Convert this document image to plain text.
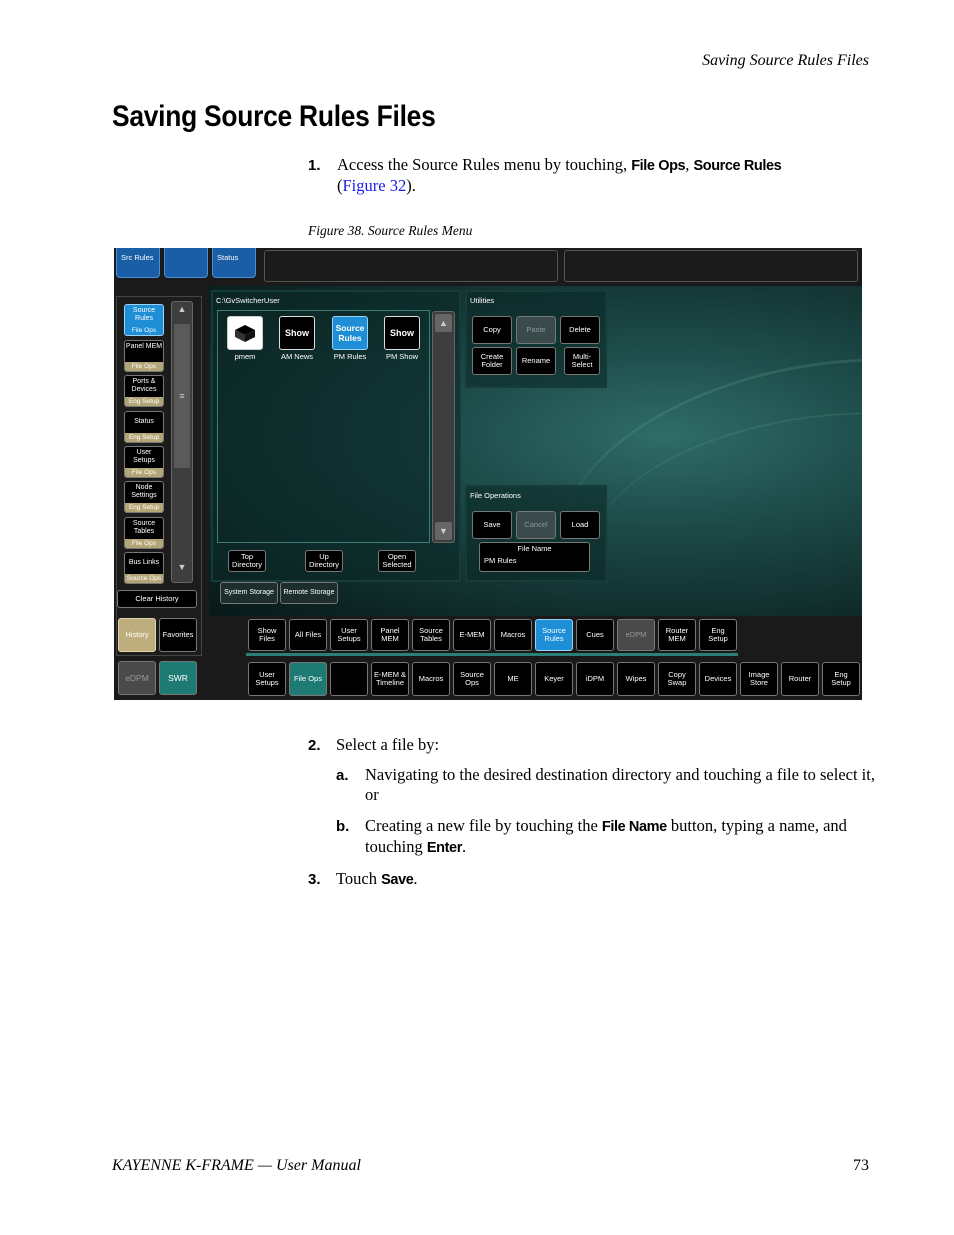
Saving Source Rules Files
Saving Source Rules Files
1. Access the Source Rules menu by touching, File Ops, Source Rules
(Figure 32).
Figure 38. Source Rules Menu
Src Rules	Status
Source Rules
File Ops
Panel MEM
File Ops
Ports & Devices
Eng Setup
Status
Eng Setup
User Setups
File Ops
Node Settings
Eng Setup
Source Tables
File Ops
Bus Links
Source Ops
▲
≡
▼
Clear History
History	Favorites
eDPM	SWR
C:\GvSwitcherUser
pmem
Show
AM News
Source Rules
PM Rules
Show
PM Show
▲
▼
Top Directory
Up Directory
Open Selected
System Storage	Remote Storage
Utilities
Copy	Paste	Delete
Create Folder	Rename	Multi-Select
File Operations
Save	Cancel	Load
File Name
PM Rules
Show Files	All Files	User Setups
Panel MEM
Source Tables	E-MEM	Macros	Source Rules	Cues	eDPM	Router MEM
Eng Setup
User Setups	File Ops	E-MEM & Timeline	Macros	Source Ops	ME	Keyer	iDPM	Wipes	Copy Swap	Devices	Image Store	Router	Eng Setup
2. Select a file by:
a. Navigating to the desired destination directory and touching a file to select it, or
b. Creating a new file by touching the File Name button, typing a name, and touching Enter.
3. Touch Save.
KAYENNE K-FRAME — User Manual	73
